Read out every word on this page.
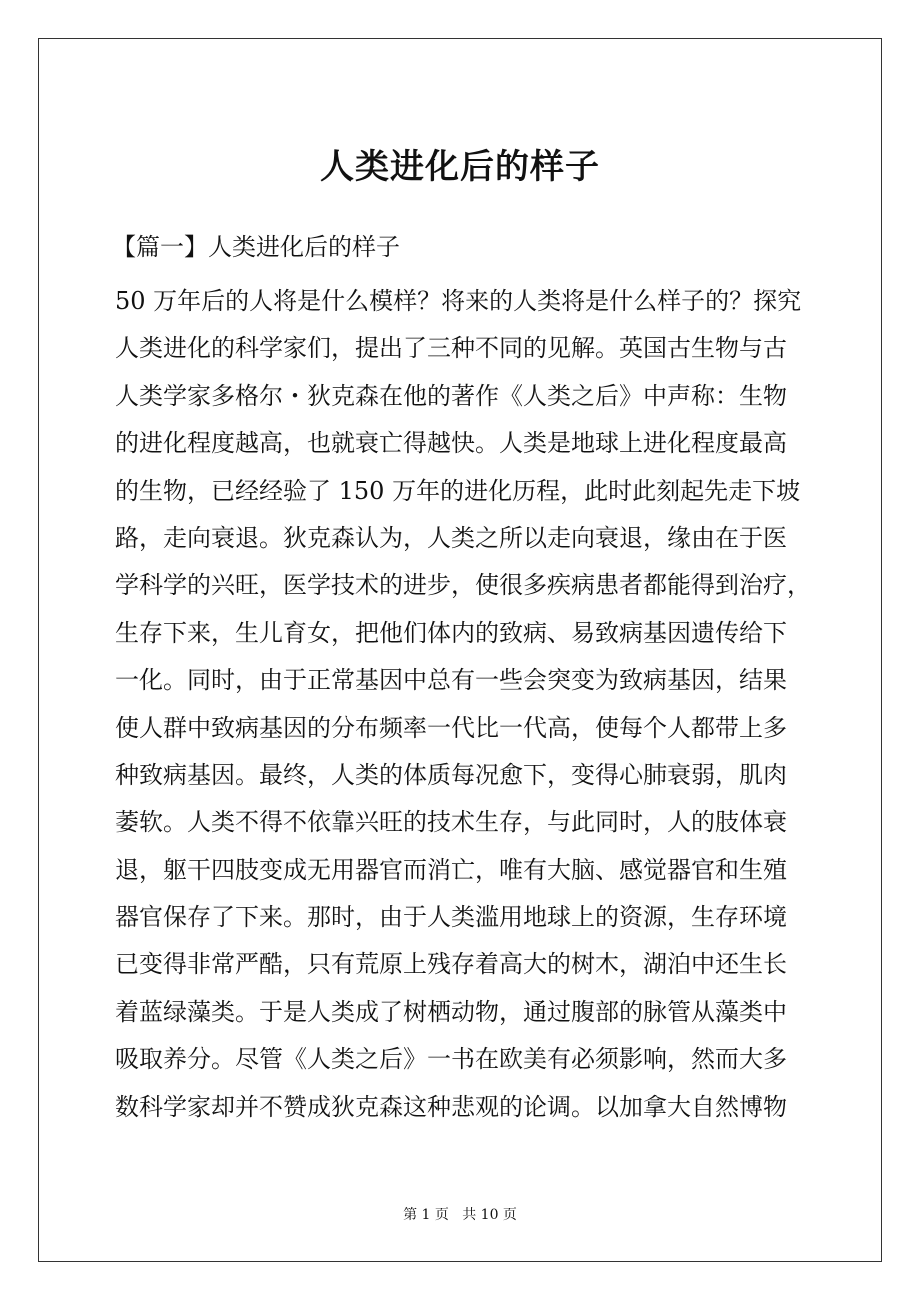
人类进化后的样子

【篇一】人类进化后的样子

50 万年后的人将是什么模样？将来的人类将是什么样子的？探究
人类进化的科学家们，提出了三种不同的见解。英国古生物与古
人类学家多格尔・狄克森在他的著作《人类之后》中声称：生物
的进化程度越高，也就衰亡得越快。人类是地球上进化程度最高
的生物，已经经验了 150 万年的进化历程，此时此刻起先走下坡
路，走向衰退。狄克森认为，人类之所以走向衰退，缘由在于医
学科学的兴旺，医学技术的进步，使很多疾病患者都能得到治疗，
生存下来，生儿育女，把他们体内的致病、易致病基因遗传给下
一化。同时，由于正常基因中总有一些会突变为致病基因，结果
使人群中致病基因的分布频率一代比一代高，使每个人都带上多
种致病基因。最终，人类的体质每况愈下，变得心肺衰弱，肌肉
萎软。人类不得不依靠兴旺的技术生存，与此同时，人的肢体衰
退，躯干四肢变成无用器官而消亡，唯有大脑、感觉器官和生殖
器官保存了下来。那时，由于人类滥用地球上的资源，生存环境
已变得非常严酷，只有荒原上残存着高大的树木，湖泊中还生长
着蓝绿藻类。于是人类成了树栖动物，通过腹部的脉管从藻类中
吸取养分。尽管《人类之后》一书在欧美有必须影响，然而大多
数科学家却并不赞成狄克森这种悲观的论调。以加拿大自然博物
第 1 页   共 10 页
